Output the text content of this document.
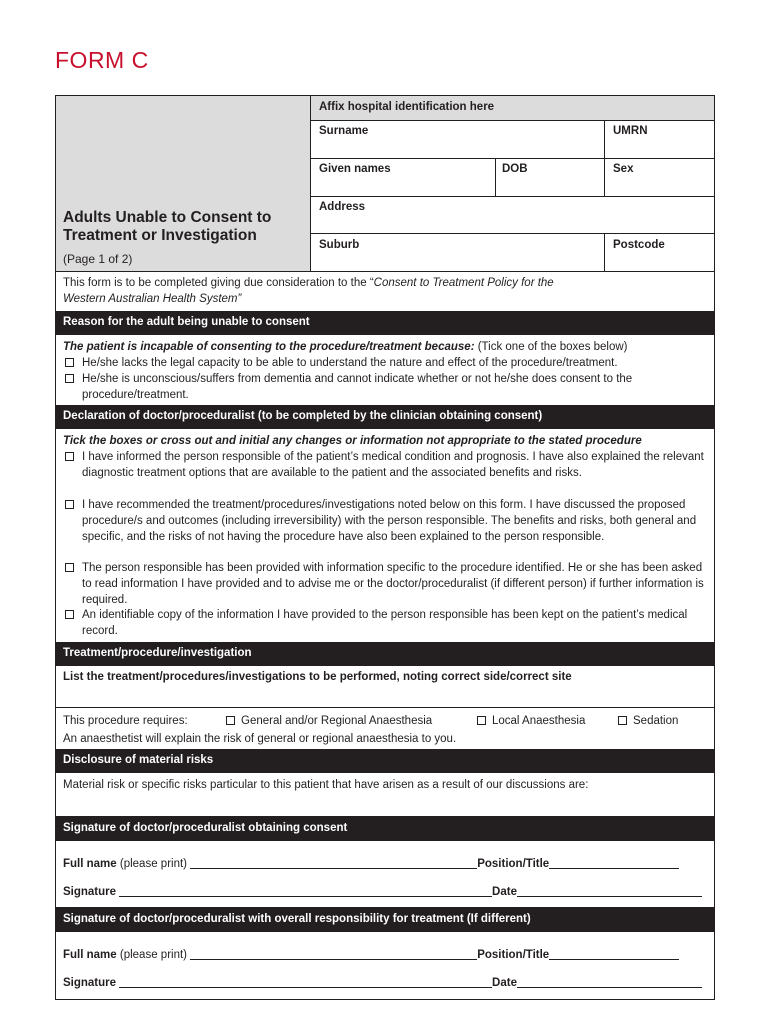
FORM C
Adults Unable to Consent to
Treatment or Investigation
(Page 1 of 2)
Affix hospital identification here
Surname	UMRN
Given names	DOB	Sex
Address
Suburb	Postcode
This form is to be completed giving due consideration to the “Consent to Treatment Policy for the
Western Australian Health System”
Reason for the adult being unable to consent
The patient is incapable of consenting to the procedure/treatment because: (Tick one of the boxes below)
He/she lacks the legal capacity to be able to understand the nature and effect of the procedure/treatment.
He/she is unconscious/suffers from dementia and cannot indicate whether or not he/she does consent to the procedure/treatment.
Declaration of doctor/proceduralist (to be completed by the clinician obtaining consent)
Tick the boxes or cross out and initial any changes or information not appropriate to the stated procedure
I have informed the person responsible of the patient’s medical condition and prognosis. I have also explained the relevant diagnostic treatment options that are available to the patient and the associated benefits and risks.
I have recommended the treatment/procedures/investigations noted below on this form. I have discussed the proposed procedure/s and outcomes (including irreversibility) with the person responsible. The benefits and risks, both general and specific, and the risks of not having the procedure have also been explained to the person responsible.
The person responsible has been provided with information specific to the procedure identified. He or she has been asked to read information I have provided and to advise me or the doctor/proceduralist (if different person) if further information is required.
An identifiable copy of the information I have provided to the person responsible has been kept on the patient’s medical record.
Treatment/procedure/investigation
List the treatment/procedures/investigations to be performed, noting correct side/correct site
This procedure requires:	General and/or Regional Anaesthesia	Local Anaesthesia	Sedation
An anaesthetist will explain the risk of general or regional anaesthesia to you.
Disclosure of material risks
Material risk or specific risks particular to this patient that have arisen as a result of our discussions are:
Signature of doctor/proceduralist obtaining consent
Full name (please print)	Position/Title
Signature	Date
Signature of doctor/proceduralist with overall responsibility for treatment (If different)
Full name (please print)	Position/Title
Signature	Date
